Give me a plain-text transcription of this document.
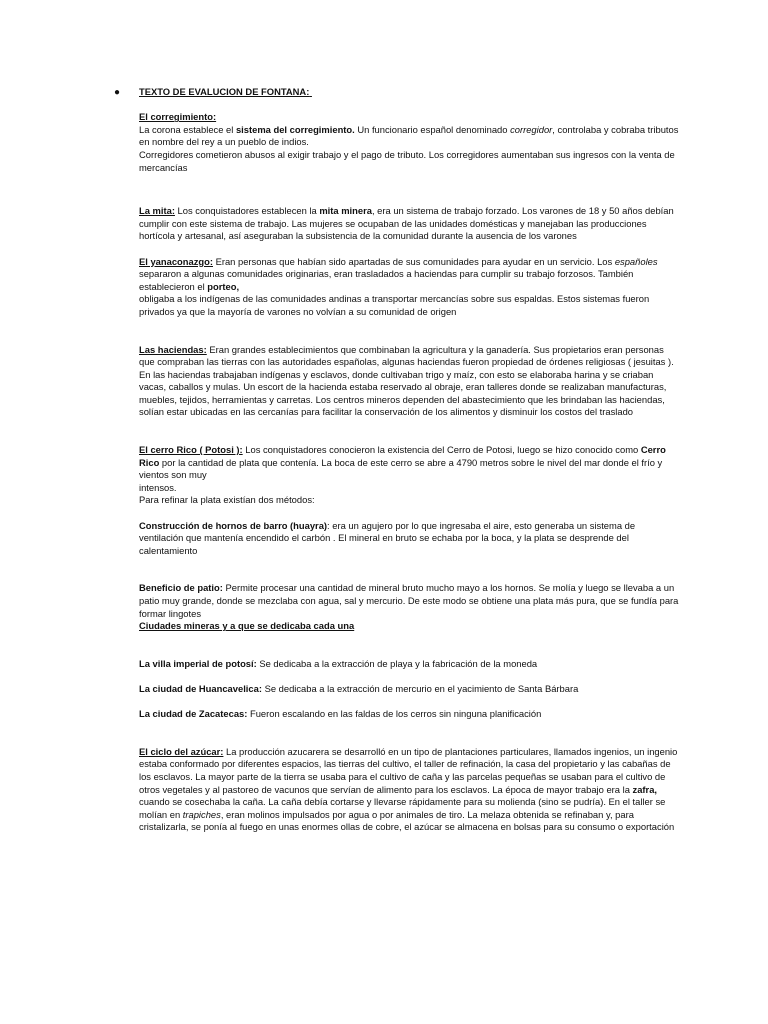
● TEXTO DE EVALUCION DE FONTANA:

El corregimiento:

La corona establece el sistema del corregimiento. Un funcionario español denominado corregidor, controlaba y cobraba tributos en nombre del rey a un pueblo de indios.

Corregidores cometieron abusos al exigir trabajo y el pago de tributo. Los corregidores aumentaban sus ingresos con la venta de mercancías

La mita: Los conquistadores establecen la mita minera, era un sistema de trabajo forzado. Los varones de 18 y 50 años debían cumplir con este sistema de trabajo. Las mujeres se ocupaban de las unidades domésticas y manejaban las producciones hortícola y artesanal, así aseguraban la subsistencia de la comunidad durante la ausencia de los varones

El yanaconazgo: Eran personas que habían sido apartadas de sus comunidades para ayudar en un servicio. Los españoles separaron a algunas comunidades originarias, eran trasladados a haciendas para cumplir su trabajo forzosos. También establecieron el porteo,

obligaba a los indígenas de las comunidades andinas a transportar mercancías sobre sus espaldas. Estos sistemas fueron privados ya que la mayoría de varones no volvían a su comunidad de origen

Las haciendas: Eran grandes establecimientos que combinaban la agricultura y la ganadería. Sus propietarios eran personas que compraban las tierras con las autoridades españolas, algunas haciendas fueron propiedad de órdenes religiosas ( jesuitas ).

En las haciendas trabajaban indígenas y esclavos, donde cultivaban trigo y maíz, con esto se elaboraba harina y se criaban vacas, caballos y mulas. Un escort de la hacienda estaba reservado al obraje, eran talleres donde se realizaban manufacturas, muebles, tejidos, herramientas y carretas. Los centros mineros dependen del abastecimiento que les brindaban las haciendas, solían estar ubicadas en las cercanías para facilitar la conservación de los alimentos y disminuir los costos del traslado

El cerro Rico ( Potosi ): Los conquistadores conocieron la existencia del Cerro de Potosi, luego se hizo conocido como Cerro Rico por la cantidad de plata que contenía. La boca de este cerro se abre a 4790 metros sobre le nivel del mar donde el frío y vientos son muy

intensos.

Para refinar la plata existían dos métodos:

Construcción de hornos de barro (huayra): era un agujero por lo que ingresaba el aire, esto generaba un sistema de ventilación que mantenía encendido el carbón . El mineral en bruto se echaba por la boca, y la plata se desprende del calentamiento

Beneficio de patio: Permite procesar una cantidad de mineral bruto mucho mayo a los hornos. Se molía y luego se llevaba a un patio muy grande, donde se mezclaba con agua, sal y mercurio. De este modo se obtiene una plata más pura, que se fundía para formar lingotes

Ciudades mineras y a que se dedicaba cada una

La villa imperial de potosí: Se dedicaba a la extracción de playa y la fabricación de la moneda

La ciudad de Huancavelica: Se dedicaba a la extracción de mercurio en el yacimiento de Santa Bárbara

La ciudad de Zacatecas: Fueron escalando en las faldas de los cerros sin ninguna planificación

El ciclo del azúcar: La producción azucarera se desarrolló en un tipo de plantaciones particulares, llamados ingenios, un ingenio estaba conformado por diferentes espacios, las tierras del cultivo, el taller de refinación, la casa del propietario y las cabañas de los esclavos. La mayor parte de la tierra se usaba para el cultivo de caña y las parcelas pequeñas se usaban para el cultivo de otros vegetales y al pastoreo de vacunos que servían de alimento para los esclavos. La época de mayor trabajo era la zafra, cuando se cosechaba la caña. La caña debía cortarse y llevarse rápidamente para su molienda (sino se pudría). En el taller se molían en trapiches, eran molinos impulsados por agua o por animales de tiro. La melaza obtenida se refinaban y, para cristalizarla, se ponía al fuego en unas enormes ollas de cobre, el azúcar se almacena en bolsas para su consumo o exportación
